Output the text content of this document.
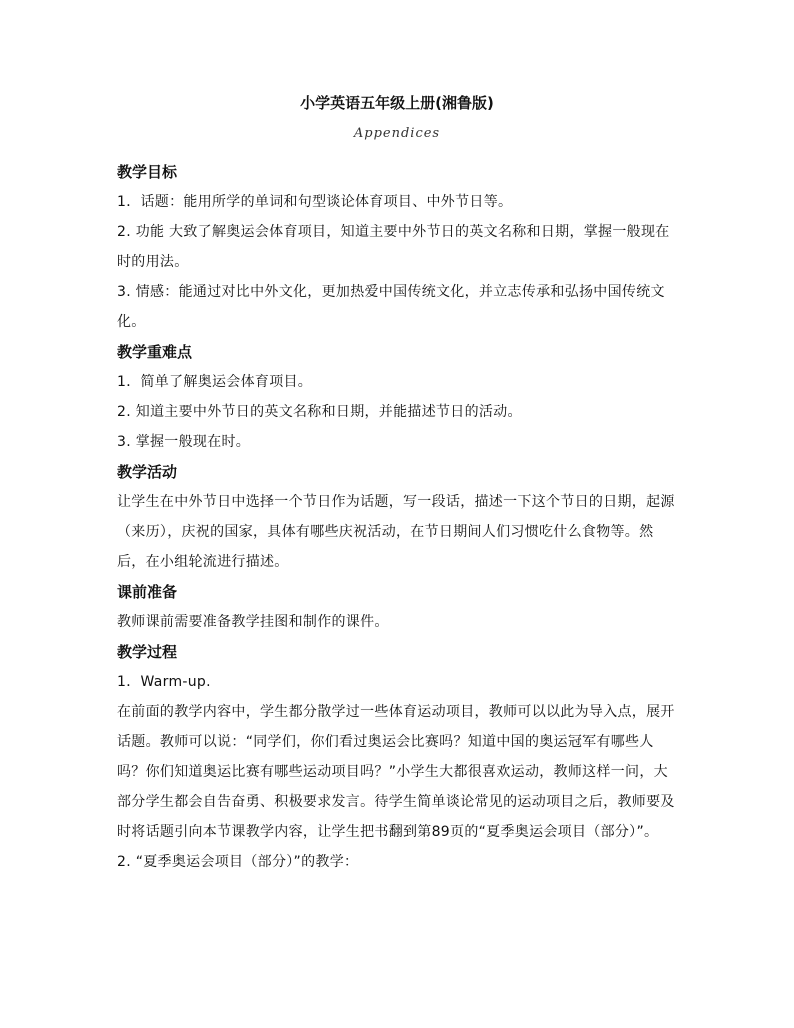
小学英语五年级上册(湘鲁版)
Appendices
教学目标
1．话题：能用所学的单词和句型谈论体育项目、中外节日等。
2. 功能 大致了解奥运会体育项目，知道主要中外节日的英文名称和日期，掌握一般现在时的用法。
3. 情感：能通过对比中外文化，更加热爱中国传统文化，并立志传承和弘扬中国传统文化。
教学重难点
1．简单了解奥运会体育项目。
2. 知道主要中外节日的英文名称和日期，并能描述节日的活动。
3. 掌握一般现在时。
教学活动
让学生在中外节日中选择一个节日作为话题，写一段话，描述一下这个节日的日期，起源（来历），庆祝的国家，具体有哪些庆祝活动，在节日期间人们习惯吃什么食物等。然后，在小组轮流进行描述。
课前准备
教师课前需要准备教学挂图和制作的课件。
教学过程
1．Warm-up.
在前面的教学内容中，学生都分散学过一些体育运动项目，教师可以以此为导入点，展开话题。教师可以说：“同学们，你们看过奥运会比赛吗？知道中国的奥运冠军有哪些人吗？你们知道奥运比赛有哪些运动项目吗？”小学生大都很喜欢运动，教师这样一问，大部分学生都会自告奋勇、积极要求发言。待学生简单谈论常见的运动项目之后，教师要及时将话题引向本节课教学内容，让学生把书翻到第89页的“夏季奥运会项目（部分）”。
2. “夏季奥运会项目（部分）”的教学：
